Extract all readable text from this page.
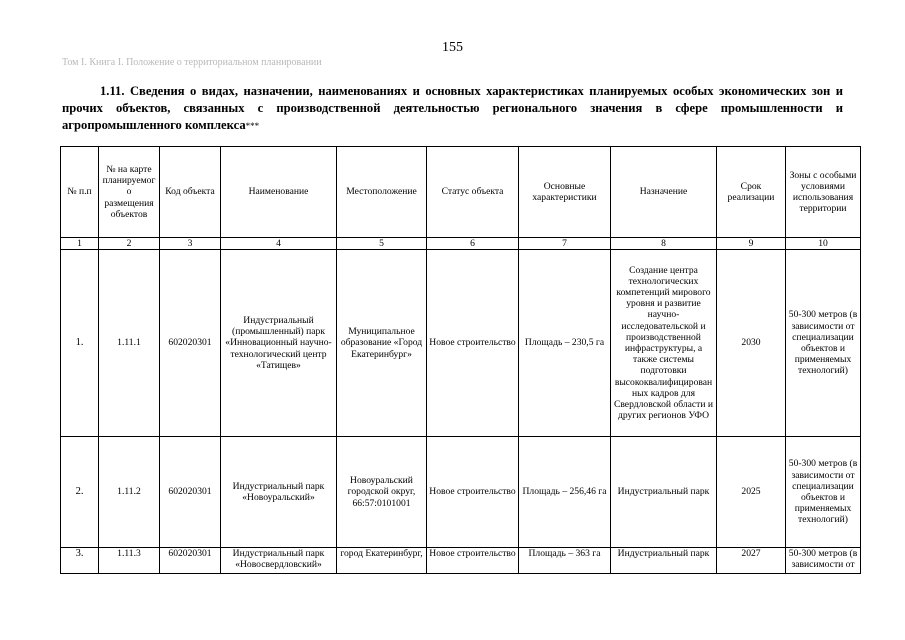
155
Том I. Книга I. Положение о территориальном планировании
1.11. Сведения о видах, назначении, наименованиях и основных характеристиках планируемых особых экономических зон и прочих объектов, связанных с производственной деятельностью регионального значения в сфере промышленности и агропромышленного комплекса***
№ п.п	№ на карте планируемого размещения объектов	Код объекта	Наименование	Местоположение	Статус объекта	Основные характеристики	Назначение	Срок реализации	Зоны с особыми условиями использования территории
1	2	3	4	5	6	7	8	9	10
1.	1.11.1	602020301	Индустриальный (промышленный) парк «Инновационный научно-технологический центр «Татищев»	Муниципальное образование «Город Екатеринбург»	Новое строительство	Площадь – 230,5 га	Создание центра технологических компетенций мирового уровня и развитие научно-исследовательской и производственной инфраструктуры, а также системы подготовки высококвалифицированных кадров для Свердловской области и других регионов УФО	2030	50-300 метров (в зависимости от специализации объектов и применяемых технологий)
2.	1.11.2	602020301	Индустриальный парк «Новоуральский»	Новоуральский городской округ, 66:57:0101001	Новое строительство	Площадь – 256,46 га	Индустриальный парк	2025	50-300 метров (в зависимости от специализации объектов и применяемых технологий)
3.	1.11.3	602020301	Индустриальный парк «Новосвердловский»	город Екатеринбург,	Новое строительство	Площадь – 363 га	Индустриальный парк	2027	50-300 метров (в зависимости от
